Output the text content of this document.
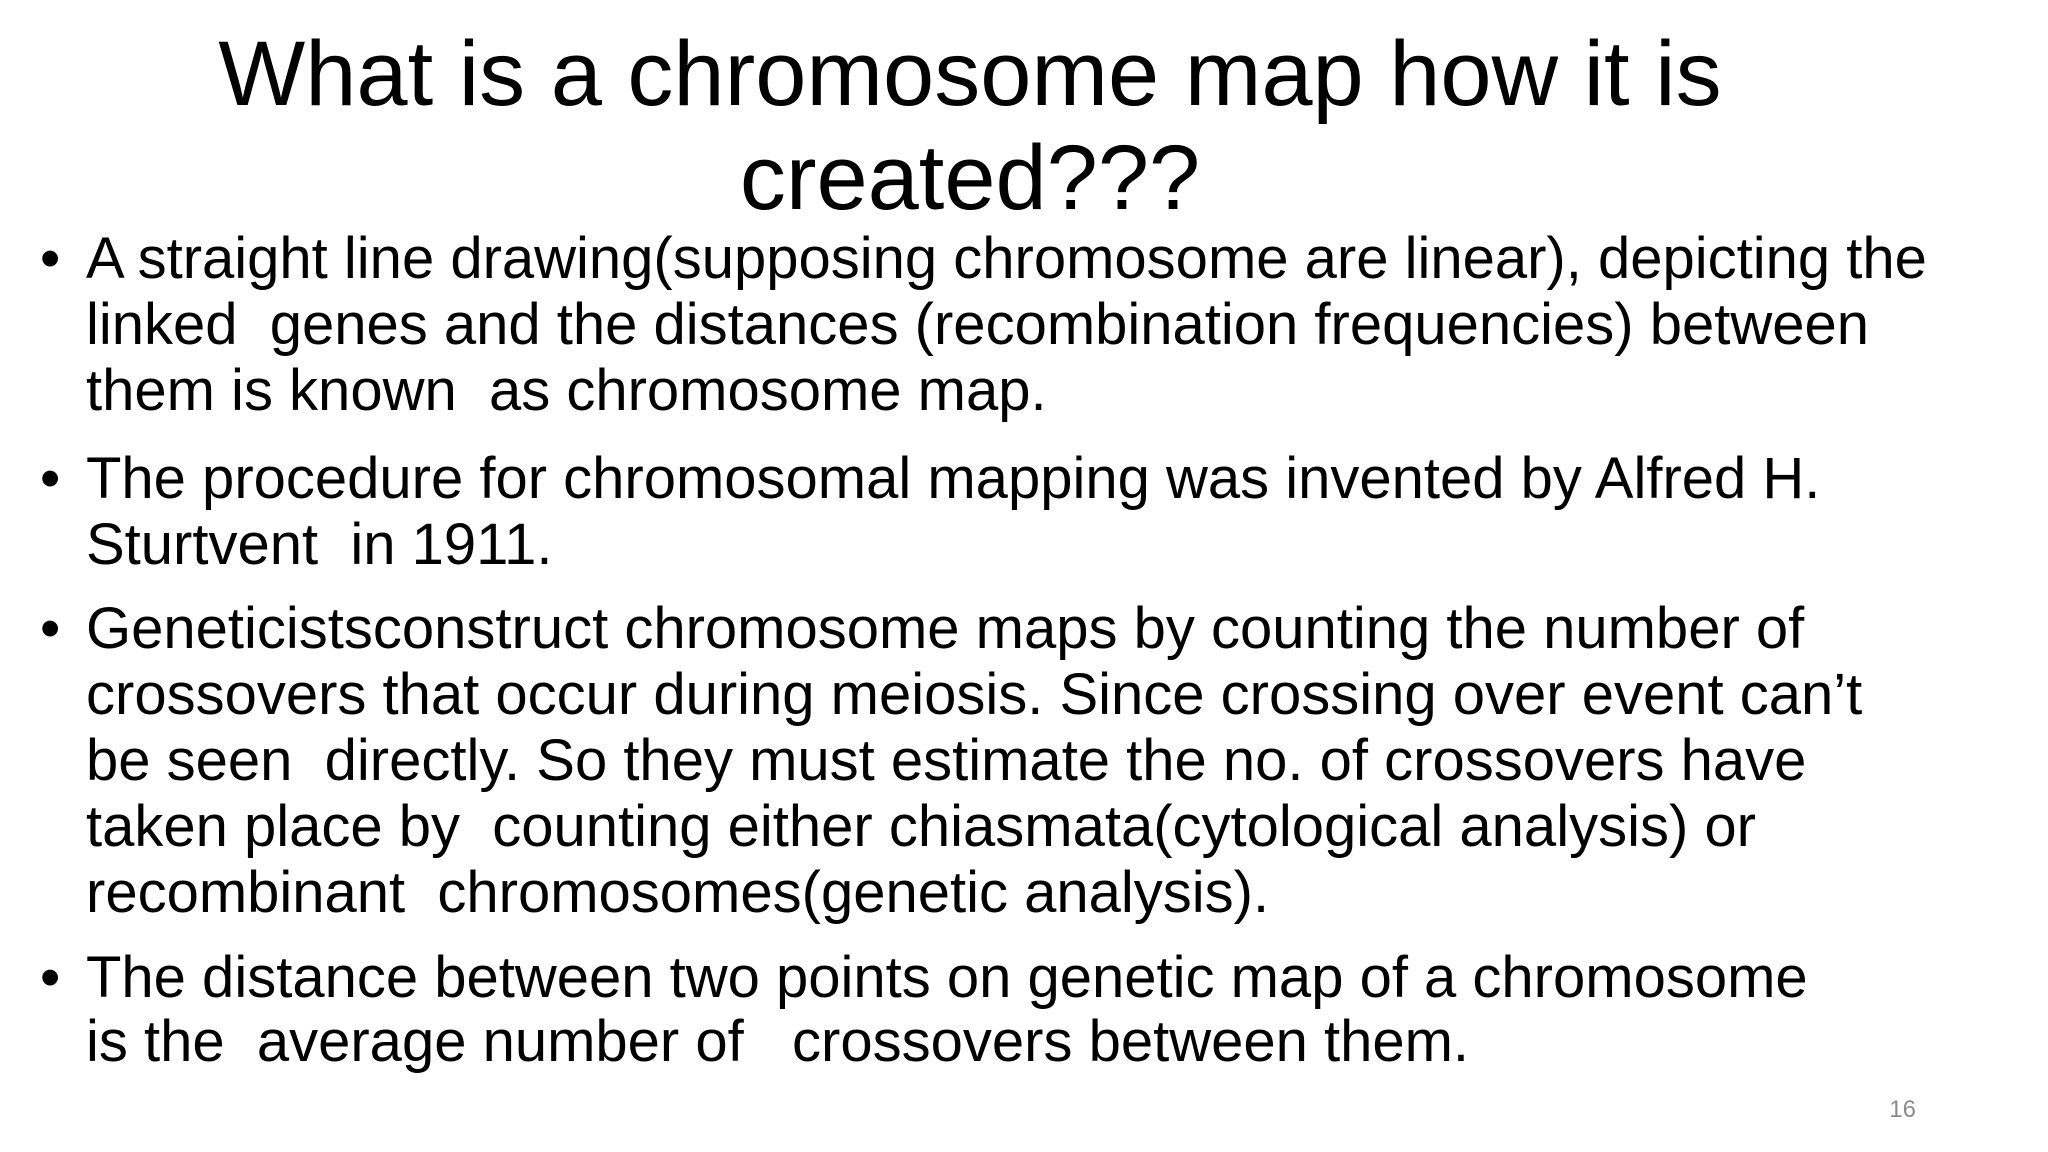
What is a chromosome map how it is
created???
• A straight line drawing(supposing chromosome are linear), depicting the
linked  genes and the distances (recombination frequencies) between
them is known  as chromosome map.
• The procedure for chromosomal mapping was invented by Alfred H.
Sturtvent  in 1911.
• Geneticistsconstruct chromosome maps by counting the number of
crossovers that occur during meiosis. Since crossing over event can’t
be seen  directly. So they must estimate the no. of crossovers have
taken place by  counting either chiasmata(cytological analysis) or
recombinant  chromosomes(genetic analysis).
• The distance between two points on genetic map of a chromosome
is the  average number of   crossovers between them.
16
